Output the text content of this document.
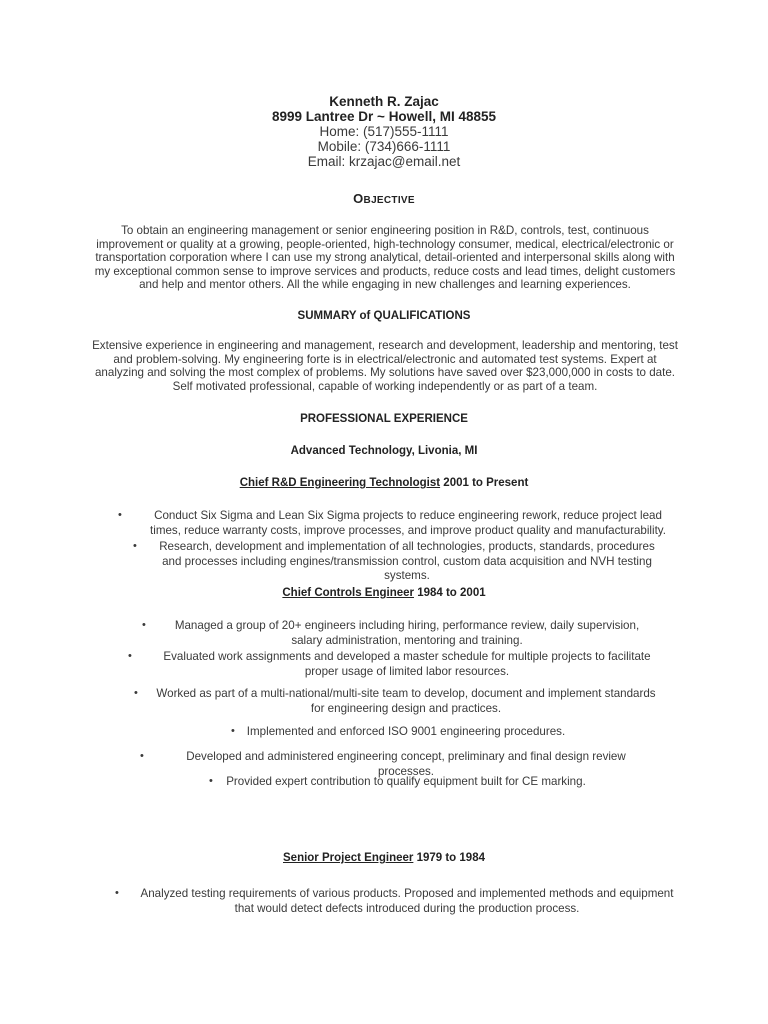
Kenneth R. Zajac
8999 Lantree Dr ~ Howell, MI 48855
Home: (517)555-1111
Mobile: (734)666-1111
Email: krzajac@email.net
OBJECTIVE
To obtain an engineering management or senior engineering position in R&D, controls, test, continuous improvement or quality at a growing, people-oriented, high-technology consumer, medical, electrical/electronic or transportation corporation where I can use my strong analytical, detail-oriented and interpersonal skills along with my exceptional common sense to improve services and products, reduce costs and lead times, delight customers and help and mentor others. All the while engaging in new challenges and learning experiences.
SUMMARY of QUALIFICATIONS
Extensive experience in engineering and management, research and development, leadership and mentoring, test and problem-solving. My engineering forte is in electrical/electronic and automated test systems. Expert at analyzing and solving the most complex of problems. My solutions have saved over $23,000,000 in costs to date. Self motivated professional, capable of working independently or as part of a team.
PROFESSIONAL EXPERIENCE
Advanced Technology, Livonia, MI
Chief R&D Engineering Technologist 2001 to Present
•	Conduct Six Sigma and Lean Six Sigma projects to reduce engineering rework, reduce project lead times, reduce warranty costs, improve processes, and improve product quality and manufacturability.
•	Research, development and implementation of all technologies, products, standards, procedures and processes including engines/transmission control, custom data acquisition and NVH testing systems.
Chief Controls Engineer 1984 to 2001
•	Managed a group of 20+ engineers including hiring, performance review, daily supervision, salary administration, mentoring and training.
•	Evaluated work assignments and developed a master schedule for multiple projects to facilitate proper usage of limited labor resources.
•	Worked as part of a multi-national/multi-site team to develop, document and implement standards for engineering design and practices.
• Implemented and enforced ISO 9001 engineering procedures.
•	Developed and administered engineering concept, preliminary and final design review processes.
• Provided expert contribution to qualify equipment built for CE marking.
Senior Project Engineer 1979 to 1984
•	Analyzed testing requirements of various products. Proposed and implemented methods and equipment that would detect defects introduced during the production process.
